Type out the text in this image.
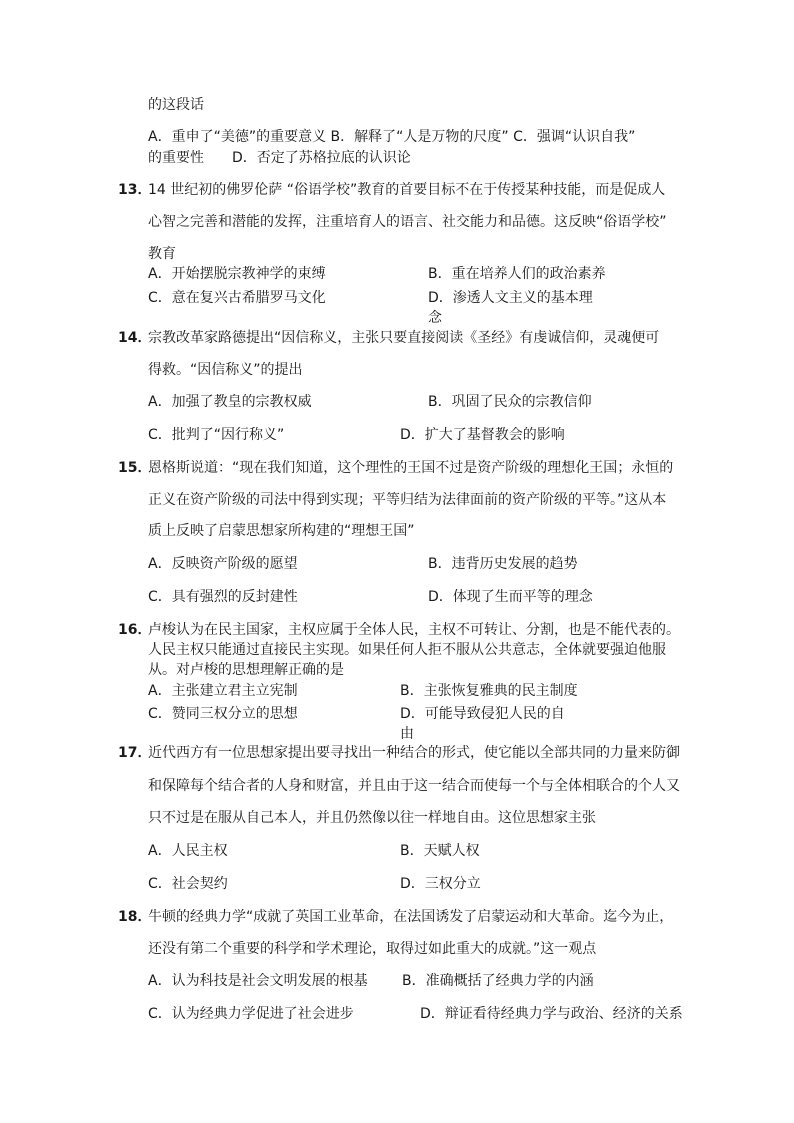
的这段话

A．重申了“美德”的重要意义 B．解释了“人是万物的尺度” C．强调“认识自我”

的重要性　　D．否定了苏格拉底的认识论

13．

14 世纪初的佛罗伦萨 “俗语学校”教育的首要目标不在于传授某种技能，而是促成人

心智之完善和潜能的发挥，注重培育人的语言、社交能力和品德。这反映“俗语学校”

教育

A．开始摆脱宗教神学的束缚	B．重在培养人们的政治素养

C．意在复兴古希腊罗马文化	D．渗透人文主义的基本理

念

14．

宗教改革家路德提出“因信称义，主张只要直接阅读《圣经》有虔诚信仰，灵魂便可

得救。“因信称义”的提出

A．加强了教皇的宗教权威	B．巩固了民众的宗教信仰

C．批判了“因行称义”	D．扩大了基督教会的影响

15．

恩格斯说道：“现在我们知道，这个理性的王国不过是资产阶级的理想化王国；永恒的

正义在资产阶级的司法中得到实现；平等归结为法律面前的资产阶级的平等。”这从本

质上反映了启蒙思想家所构建的“理想王国”

A．反映资产阶级的愿望	B．违背历史发展的趋势

C．具有强烈的反封建性	D．体现了生而平等的理念

16．

卢梭认为在民主国家，主权应属于全体人民，主权不可转让、分割，也是不能代表的。

人民主权只能通过直接民主实现。如果任何人拒不服从公共意志，全体就要强迫他服

从。对卢梭的思想理解正确的是

A．主张建立君主立宪制	B．主张恢复雅典的民主制度

C．赞同三权分立的思想	D．可能导致侵犯人民的自

由

17．

近代西方有一位思想家提出要寻找出一种结合的形式，使它能以全部共同的力量来防御

和保障每个结合者的人身和财富，并且由于这一结合而使每一个与全体相联合的个人又

只不过是在服从自己本人，并且仍然像以往一样地自由。这位思想家主张

A．人民主权	B．天赋人权

C．社会契约	D．三权分立

18．

牛顿的经典力学“成就了英国工业革命，在法国诱发了启蒙运动和大革命。迄今为止，

还没有第二个重要的科学和学术理论，取得过如此重大的成就。”这一观点

A．认为科技是社会文明发展的根基 B．准确概括了经典力学的内涵

C．认为经典力学促进了社会进步	D．辩证看待经典力学与政治、经济的关系
